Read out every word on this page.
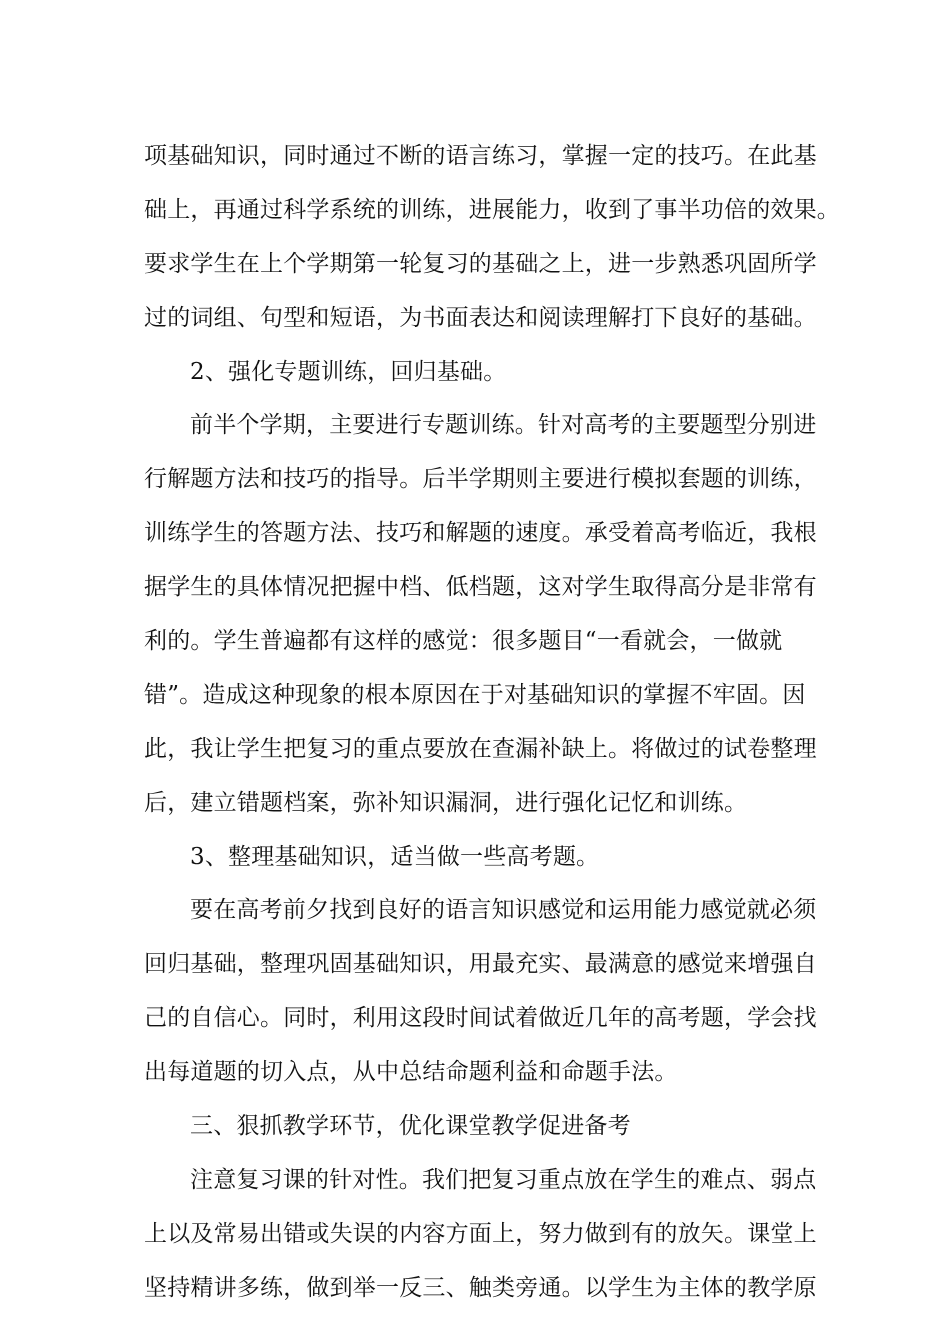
项基础知识，同时通过不断的语言练习，掌握一定的技巧。在此基
础上，再通过科学系统的训练，进展能力，收到了事半功倍的效果。
要求学生在上个学期第一轮复习的基础之上，进一步熟悉巩固所学
过的词组、句型和短语，为书面表达和阅读理解打下良好的基础。
2、强化专题训练，回归基础。
前半个学期，主要进行专题训练。针对高考的主要题型分别进
行解题方法和技巧的指导。后半学期则主要进行模拟套题的训练，
训练学生的答题方法、技巧和解题的速度。承受着高考临近，我根
据学生的具体情况把握中档、低档题，这对学生取得高分是非常有
利的。学生普遍都有这样的感觉：很多题目“一看就会，一做就
错”。造成这种现象的根本原因在于对基础知识的掌握不牢固。因
此，我让学生把复习的重点要放在查漏补缺上。将做过的试卷整理
后，建立错题档案，弥补知识漏洞，进行强化记忆和训练。
3、整理基础知识，适当做一些高考题。
要在高考前夕找到良好的语言知识感觉和运用能力感觉就必须
回归基础，整理巩固基础知识，用最充实、最满意的感觉来增强自
己的自信心。同时，利用这段时间试着做近几年的高考题，学会找
出每道题的切入点，从中总结命题利益和命题手法。
三、狠抓教学环节，优化课堂教学促进备考
注意复习课的针对性。我们把复习重点放在学生的难点、弱点
上以及常易出错或失误的内容方面上，努力做到有的放矢。课堂上
坚持精讲多练，做到举一反三、触类旁通。以学生为主体的教学原
